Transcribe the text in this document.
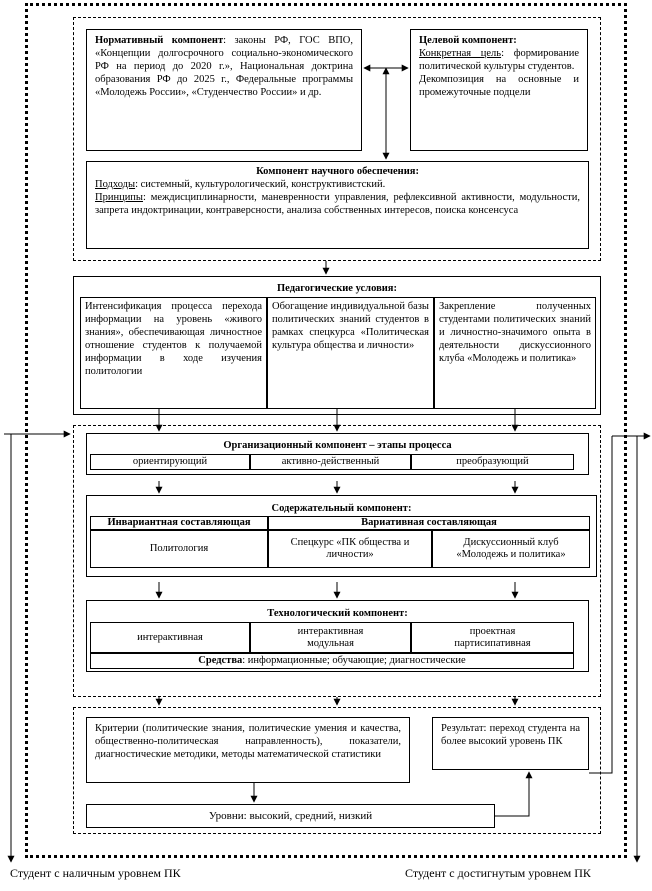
Нормативный компонент: законы РФ, ГОС ВПО, «Концепции долгосрочного социально-экономического РФ на период до 2020 г.», Национальная доктрина образования РФ до 2025 г., Федеральные программы «Молодежь России», «Студенчество России» и др.
Целевой компонент:
Конкретная цель: формирование политической культуры студентов.
Декомпозиция на основные и промежуточные подцели
Компонент научного обеспечения:
Подходы: системный, культурологический, конструктивистский.
Принципы: междисциплинарности, маневренности управления, рефлексивной активности, модульности, запрета индоктринации, контраверсности, анализа собственных интересов, поиска консенсуса
Педагогические условия:
Интенсификация процесса перехода информации на уровень «живого знания», обеспечивающая личностное отношение студентов к получаемой информации в ходе изучения политологии
Обогащение индивидуальной базы политических знаний студентов в рамках спецкурса «Политическая культура общества и личности»
Закрепление полученных студентами политических знаний и личностно-значимого опыта в деятельности дискуссионного клуба «Молодежь и политика»
Организационный компонент – этапы процесса
ориентирующий	активно-действенный	преобразующий
Содержательный компонент:
Инвариантная составляющая	Вариативная составляющая
Политология
Спецкурс «ПК общества и личности»
Дискуссионный клуб «Молодежь и политика»
Технологический компонент:
интерактивная
интерактивная модульная
проектная партисипативная
Средства: информационные; обучающие; диагностические
Критерии (политические знания, политические умения и качества, общественно-политическая направленность), показатели, диагностические методики, методы математической статистики
Результат: переход студента на более высокий уровень ПК
Уровни: высокий, средний, низкий
Студент с наличным уровнем ПК	Студент с достигнутым уровнем ПК
